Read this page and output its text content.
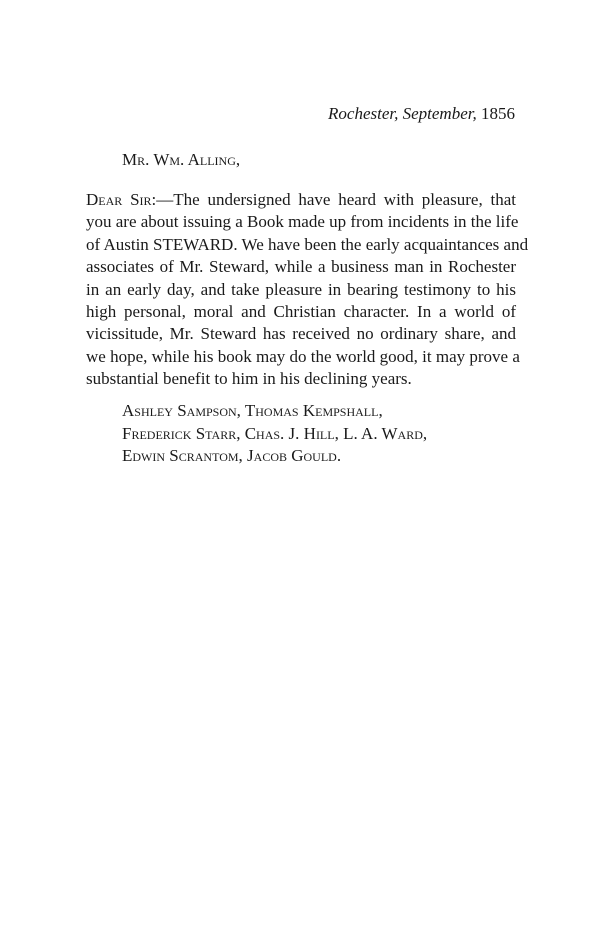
Rochester, September, 1856
Mr. Wm. Alling,
Dear Sir:—The undersigned have heard with pleasure, that
you are about issuing a Book made up from incidents in the life
of Austin STEWARD. We have been the early acquaintances and
associates of Mr. Steward, while a business man in Rochester
in an early day, and take pleasure in bearing testimony to his
high personal, moral and Christian character. In a world of
vicissitude, Mr. Steward has received no ordinary share, and
we hope, while his book may do the world good, it may prove a
substantial benefit to him in his declining years.
Ashley Sampson, Thomas Kempshall,
Frederick Starr, Chas. J. Hill, L. A. Ward,
Edwin Scrantom, Jacob Gould.
